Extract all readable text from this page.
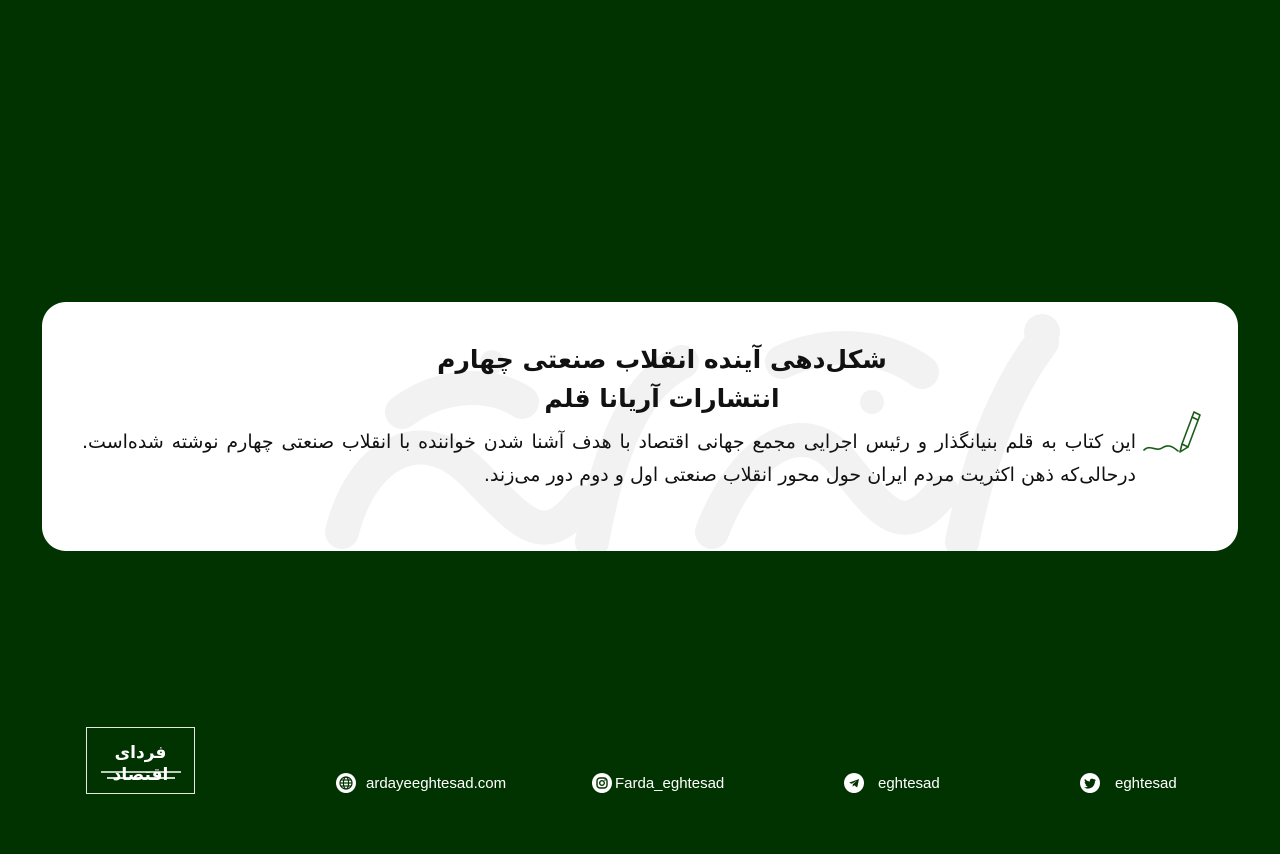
شکل‌دهی آینده انقلاب صنعتی چهارم
انتشارات آریانا قلم
این کتاب به قلم بنیانگذار و رئیس اجرایی مجمع جهانی اقتصاد با هدف آشنا شدن خواننده با انقلاب صنعتی چهارم نوشته شده‌است. درحالی‌که ذهن اکثریت مردم ایران حول محور انقلاب صنعتی اول و دوم دور می‌زند.
فردای اقتصاد	ardayeeghtesad.com	Farda_eghtesad	eghtesad	eghtesad
